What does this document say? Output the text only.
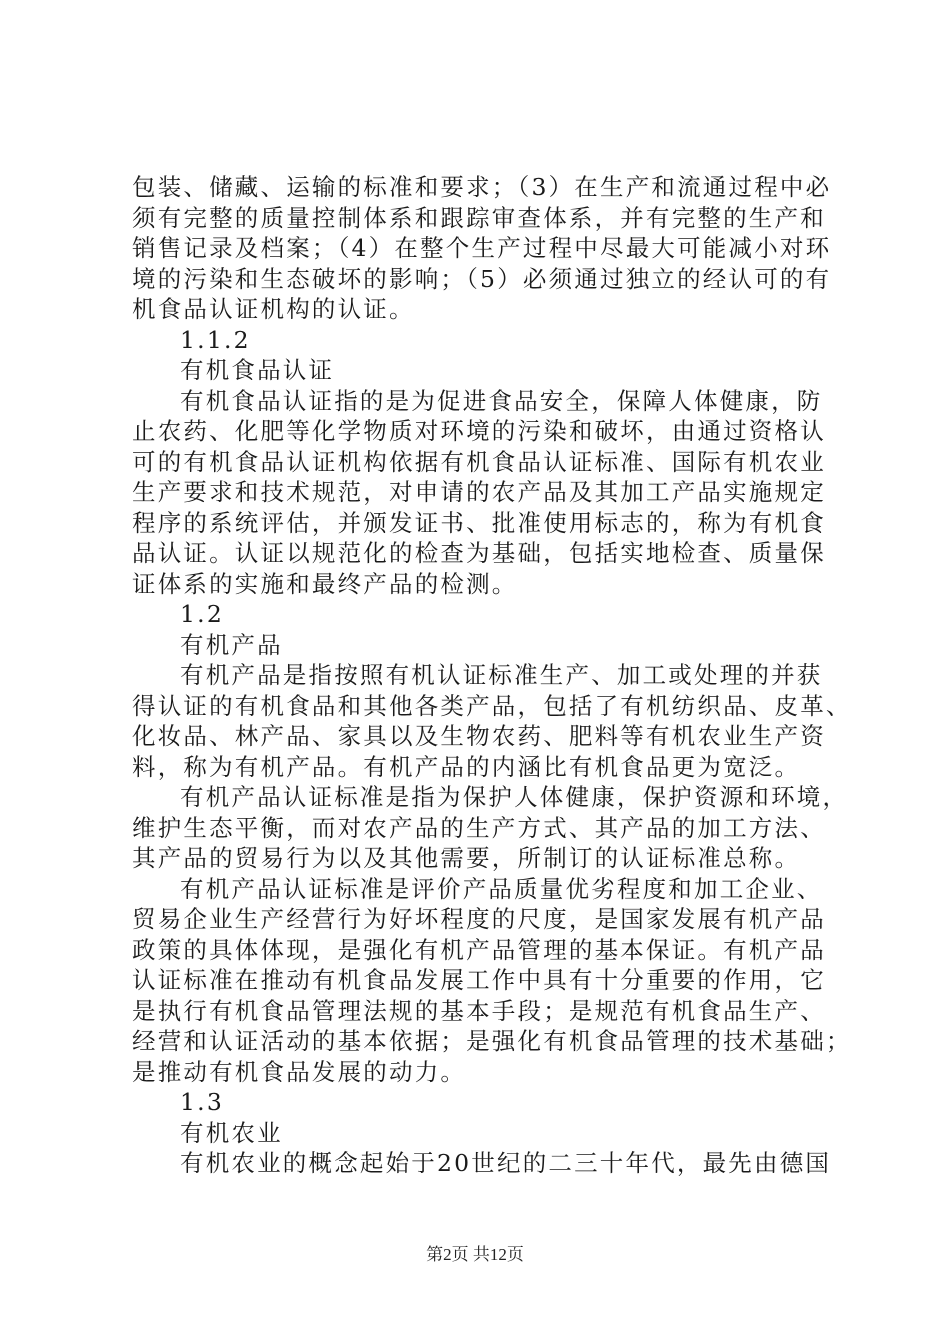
包装、储藏、运输的标准和要求；（3）在生产和流通过程中必
须有完整的质量控制体系和跟踪审查体系，并有完整的生产和
销售记录及档案；（4）在整个生产过程中尽最大可能减小对环
境的污染和生态破坏的影响；（5）必须通过独立的经认可的有
机食品认证机构的认证。
1.1.2
有机食品认证
有机食品认证指的是为促进食品安全，保障人体健康，防
止农药、化肥等化学物质对环境的污染和破坏，由通过资格认
可的有机食品认证机构依据有机食品认证标准、国际有机农业
生产要求和技术规范，对申请的农产品及其加工产品实施规定
程序的系统评估，并颁发证书、批准使用标志的，称为有机食
品认证。认证以规范化的检查为基础，包括实地检查、质量保
证体系的实施和最终产品的检测。
1.2
有机产品
有机产品是指按照有机认证标准生产、加工或处理的并获
得认证的有机食品和其他各类产品，包括了有机纺织品、皮革、
化妆品、林产品、家具以及生物农药、肥料等有机农业生产资
料，称为有机产品。有机产品的内涵比有机食品更为宽泛。
有机产品认证标准是指为保护人体健康，保护资源和环境，
维护生态平衡，而对农产品的生产方式、其产品的加工方法、
其产品的贸易行为以及其他需要，所制订的认证标准总称。
有机产品认证标准是评价产品质量优劣程度和加工企业、
贸易企业生产经营行为好坏程度的尺度，是国家发展有机产品
政策的具体体现，是强化有机产品管理的基本保证。有机产品
认证标准在推动有机食品发展工作中具有十分重要的作用，它
是执行有机食品管理法规的基本手段；是规范有机食品生产、
经营和认证活动的基本依据；是强化有机食品管理的技术基础；
是推动有机食品发展的动力。
1.3
有机农业
有机农业的概念起始于20世纪的二三十年代，最先由德国
第2页 共12页
